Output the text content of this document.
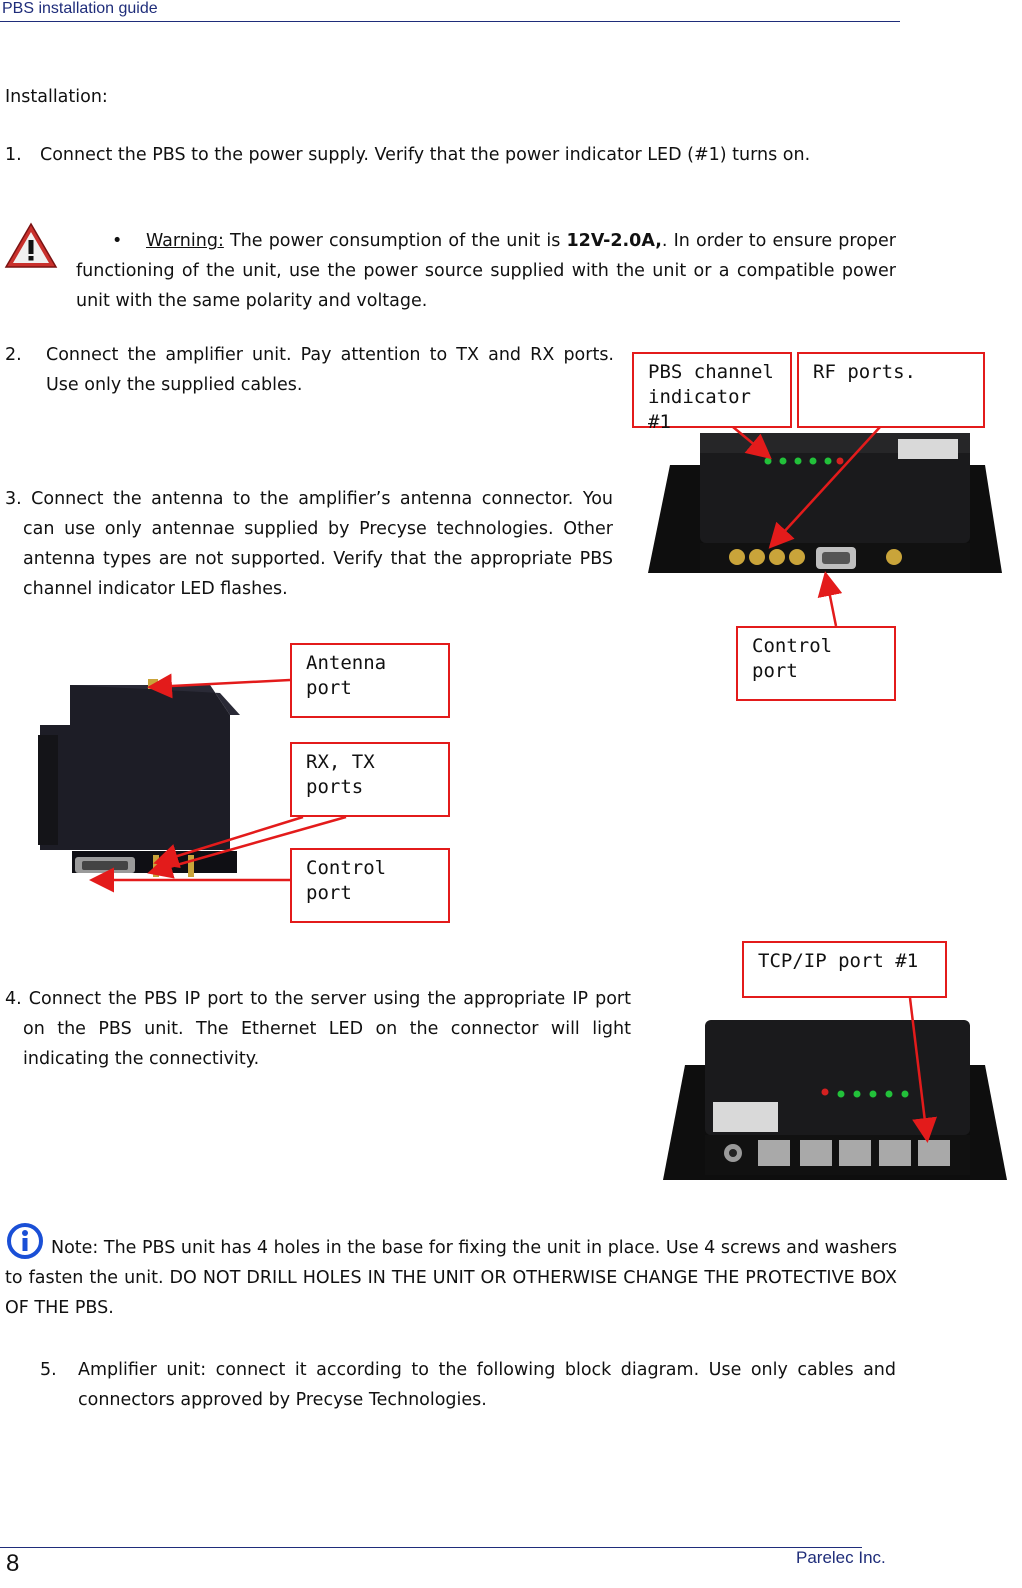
PBS installation guide
Installation:
1.	Connect the PBS to the power supply. Verify that the power indicator LED (#1) turns on.
•	Warning: The power consumption of the unit is 12V-2.0A,. In order to ensure proper functioning of the unit, use the power source supplied with the unit or a compatible power unit with the same polarity and voltage.
2. Connect the amplifier unit. Pay attention to TX and RX ports. Use only the supplied cables.
3. Connect the antenna to the amplifier’s antenna connector. You can use only antennae supplied by Precyse technologies. Other antenna types are not supported. Verify that the appropriate PBS channel indicator LED flashes.
PBS channel indicator #1
RF ports.
Control port
Antenna port
RX, TX ports
Control port
4. Connect the PBS IP port to the server using the appropriate IP port on the PBS unit. The Ethernet LED on the connector will light indicating the connectivity.
TCP/IP port #1
Note: The PBS unit has 4 holes in the base for fixing the unit in place. Use 4 screws and washers to fasten the unit. DO NOT DRILL HOLES IN THE UNIT OR OTHERWISE CHANGE THE PROTECTIVE BOX OF THE PBS.
5. Amplifier unit: connect it according to the following block diagram. Use only cables and connectors approved by Precyse Technologies.
8	Parelec Inc.
